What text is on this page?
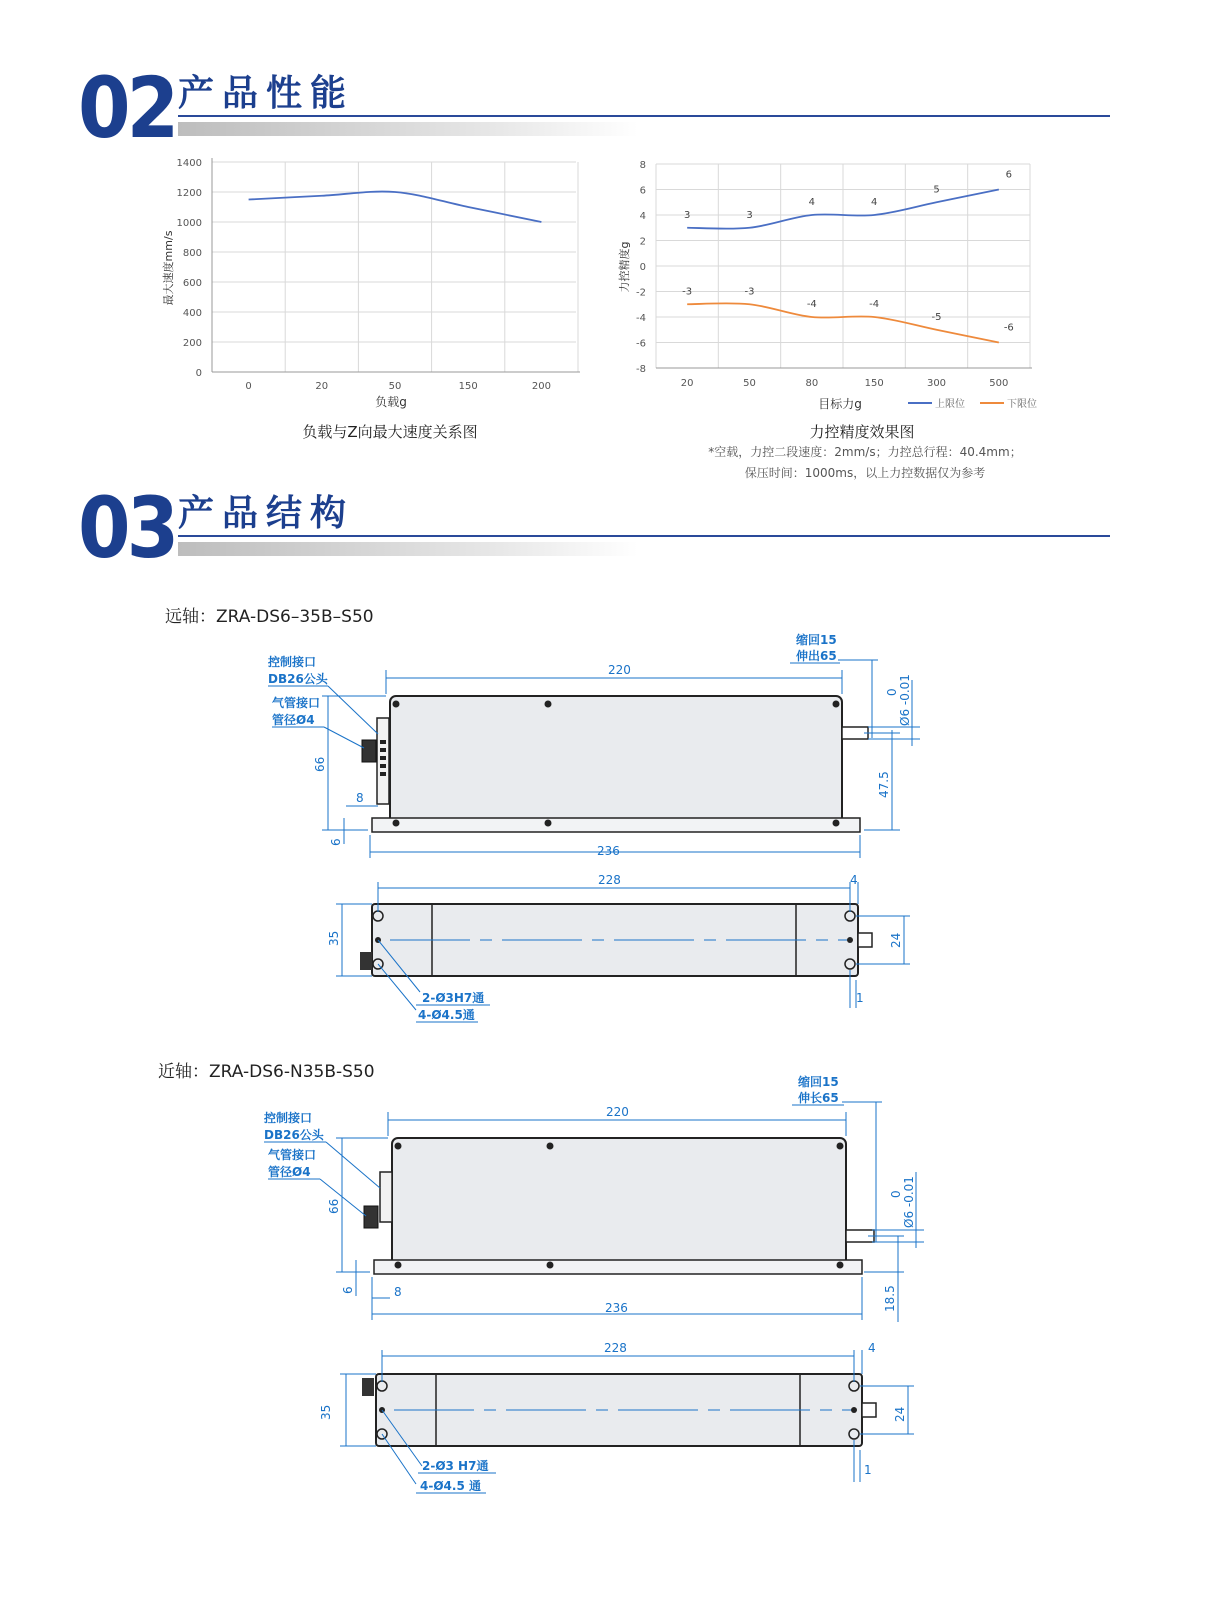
02 产品性能
最大速度mm/s
0
200
400
600
800
1000
1200
1400
0	20	50	150	200
负载g
负载与Z向最大速度关系图
力控精度g
-8
-6
-4
-2
0
2
4
6
8
20	50	80	150	300	500
3	3
4	4
5
6
-3	-3
-4	-4
-5
-6
目标力g	上限位	下限位
力控精度效果图
*空载，力控二段速度：2mm/s；力控总行程：40.4mm；
保压时间：1000ms，以上力控数据仅为参考
03 产品结构
远轴：ZRA-DS6–35B–S50
220
236
66
8
6
缩回15
伸出65
47.5
0 Ø6 -0.01
控制接口
DB26公头
气管接口
管径Ø4
228	4
35	24
1
2-Ø3H7通
4-Ø4.5通
近轴：ZRA-DS6-N35B-S50
220
236
66
6	8
缩回15
伸长65
18.5
0 Ø6 -0.01
控制接口
DB26公头
气管接口
管径Ø4
228	4
35	24
1
2-Ø3 H7通
4-Ø4.5 通
